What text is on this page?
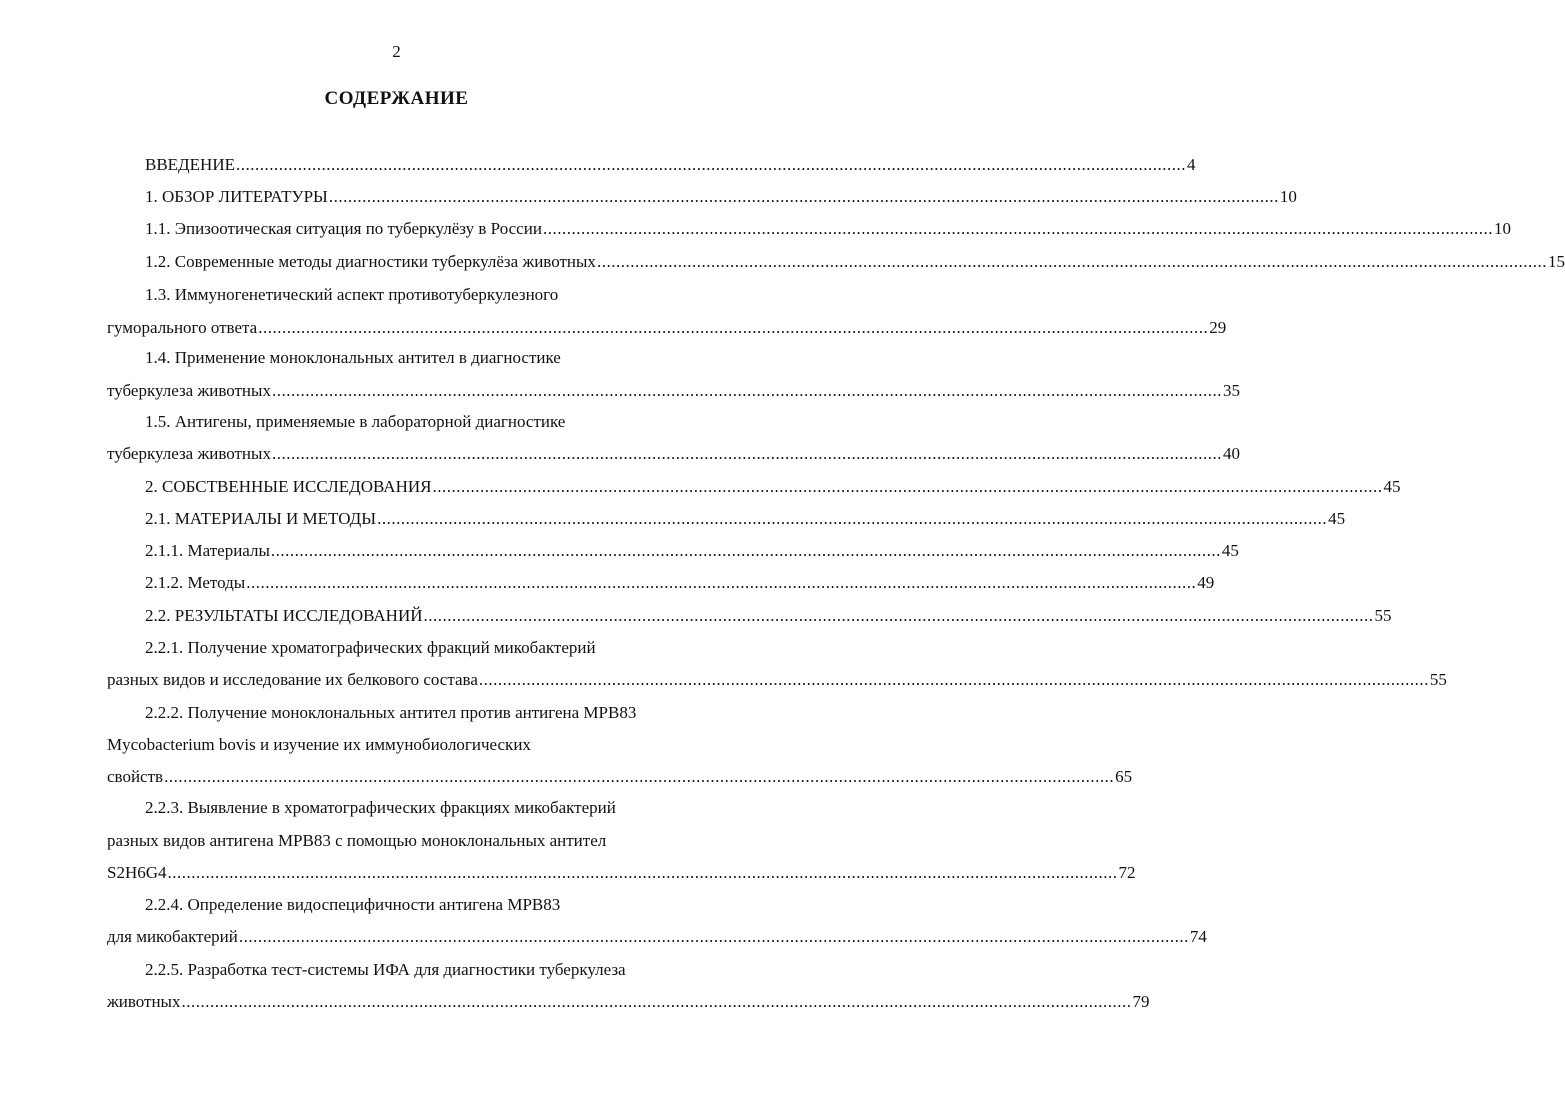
2
СОДЕРЖАНИЕ
ВВЕДЕНИЕ ........................................................................................................................................................................................................ 4
1. ОБЗОР ЛИТЕРАТУРЫ ........................................................................................................................................................................................................ 10
1.1. Эпизоотическая ситуация по туберкулёзу в России ........................................................................................................................................................................................................ 10
1.2. Современные методы диагностики туберкулёза животных ........................................................................................................................................................................................................ 15
1.3. Иммуногенетический аспект противотуберкулезного
гуморального ответа ........................................................................................................................................................................................................ 29
1.4. Применение моноклональных антител в диагностике
туберкулеза животных ........................................................................................................................................................................................................ 35
1.5. Антигены, применяемые в лабораторной диагностике
туберкулеза животных ........................................................................................................................................................................................................ 40
2. СОБСТВЕННЫЕ ИССЛЕДОВАНИЯ ........................................................................................................................................................................................................ 45
2.1. МАТЕРИАЛЫ И МЕТОДЫ ........................................................................................................................................................................................................ 45
2.1.1. Материалы ........................................................................................................................................................................................................ 45
2.1.2. Методы ........................................................................................................................................................................................................ 49
2.2. РЕЗУЛЬТАТЫ ИССЛЕДОВАНИЙ ........................................................................................................................................................................................................ 55
2.2.1. Получение хроматографических фракций микобактерий
разных видов и исследование их белкового состава ........................................................................................................................................................................................................ 55
2.2.2. Получение моноклональных антител против антигена МРВ83
Mycobacterium bovis и изучение их иммунобиологических
свойств ........................................................................................................................................................................................................ 65
2.2.3. Выявление в хроматографических фракциях микобактерий
разных видов антигена МРВ83 с помощью моноклональных антител
S2H6G4 ........................................................................................................................................................................................................ 72
2.2.4. Определение видоспецифичности антигена МРВ83
для микобактерий ........................................................................................................................................................................................................ 74
2.2.5. Разработка тест-системы ИФА для диагностики туберкулеза
животных ........................................................................................................................................................................................................ 79
